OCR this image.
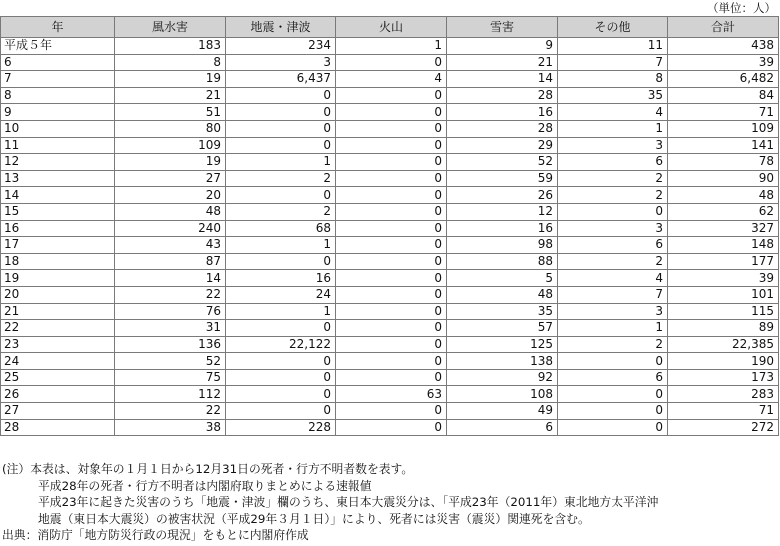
（単位：人）
年	風水害	地震・津波	火山	雪害	その他	合計
平成５年	183	234	1	9	11	438
6	8	3	0	21	7	39
7	19	6,437	4	14	8	6,482
8	21	0	0	28	35	84
9	51	0	0	16	4	71
10	80	0	0	28	1	109
11	109	0	0	29	3	141
12	19	1	0	52	6	78
13	27	2	0	59	2	90
14	20	0	0	26	2	48
15	48	2	0	12	0	62
16	240	68	0	16	3	327
17	43	1	0	98	6	148
18	87	0	0	88	2	177
19	14	16	0	5	4	39
20	22	24	0	48	7	101
21	76	1	0	35	3	115
22	31	0	0	57	1	89
23	136	22,122	0	125	2	22,385
24	52	0	0	138	0	190
25	75	0	0	92	6	173
26	112	0	63	108	0	283
27	22	0	0	49	0	71
28	38	228	0	6	0	272
(注）本表は、対象年の１月１日から12月31日の死者・行方不明者数を表す。
平成28年の死者・行方不明者は内閣府取りまとめによる速報値
平成23年に起きた災害のうち「地震・津波」欄のうち、東日本大震災分は、「平成23年（2011年）東北地方太平洋沖
地震（東日本大震災）の被害状況（平成29年３月１日）」により、死者には災害（震災）関連死を含む。
出典：消防庁「地方防災行政の現況」をもとに内閣府作成
